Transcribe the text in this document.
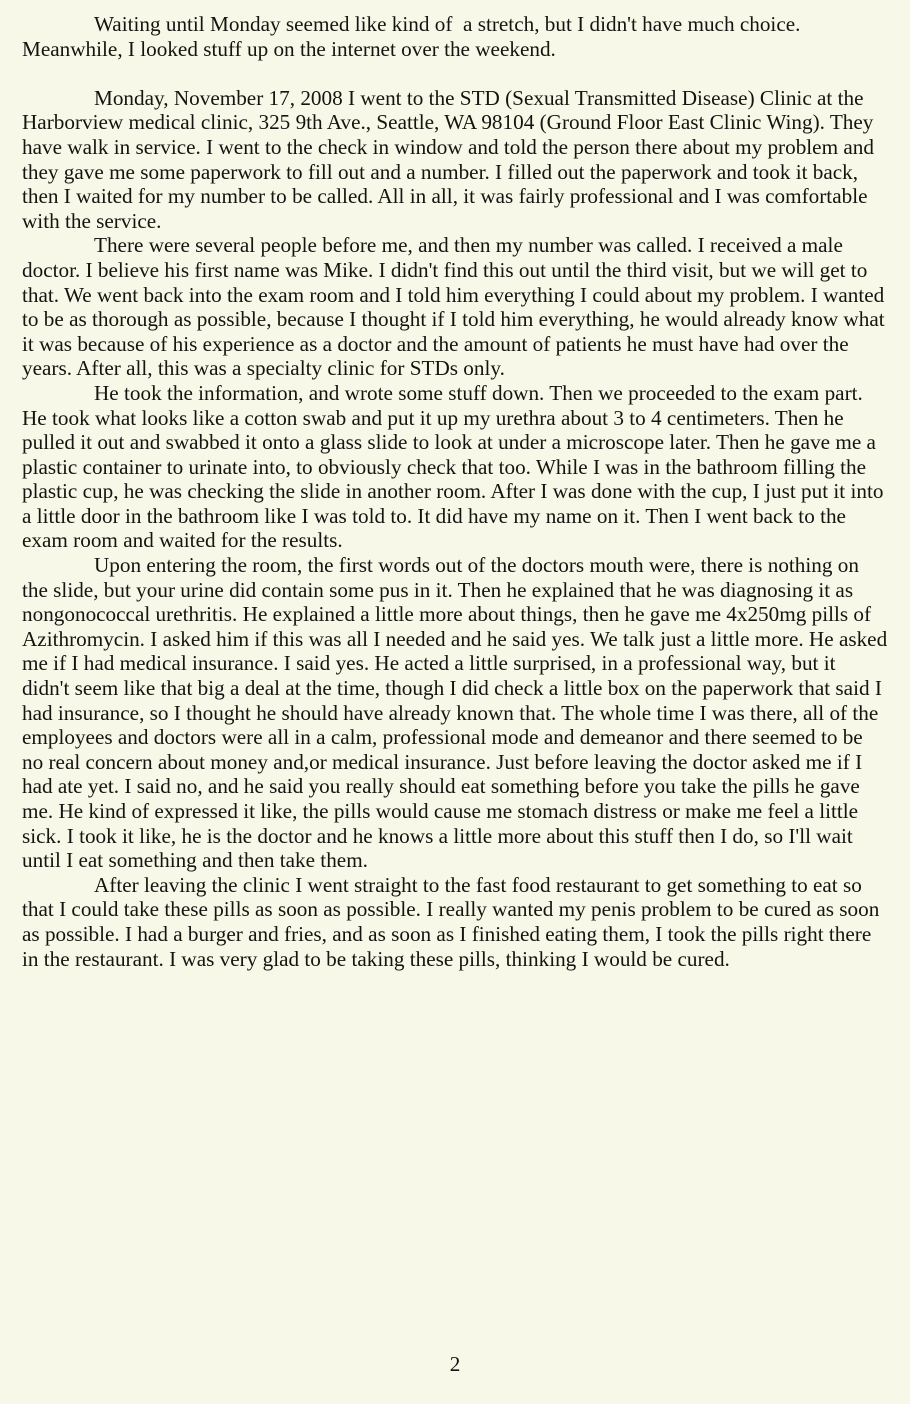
Waiting until Monday seemed like kind of  a stretch, but I didn't have much choice. Meanwhile, I looked stuff up on the internet over the weekend.

Monday, November 17, 2008 I went to the STD (Sexual Transmitted Disease) Clinic at the Harborview medical clinic, 325 9th Ave., Seattle, WA 98104 (Ground Floor East Clinic Wing). They have walk in service. I went to the check in window and told the person there about my problem and they gave me some paperwork to fill out and a number. I filled out the paperwork and took it back, then I waited for my number to be called. All in all, it was fairly professional and I was comfortable with the service.

There were several people before me, and then my number was called. I received a male doctor. I believe his first name was Mike. I didn't find this out until the third visit, but we will get to that. We went back into the exam room and I told him everything I could about my problem. I wanted to be as thorough as possible, because I thought if I told him everything, he would already know what it was because of his experience as a doctor and the amount of patients he must have had over the years. After all, this was a specialty clinic for STDs only.

He took the information, and wrote some stuff down. Then we proceeded to the exam part. He took what looks like a cotton swab and put it up my urethra about 3 to 4 centimeters. Then he pulled it out and swabbed it onto a glass slide to look at under a microscope later. Then he gave me a plastic container to urinate into, to obviously check that too. While I was in the bathroom filling the plastic cup, he was checking the slide in another room. After I was done with the cup, I just put it into a little door in the bathroom like I was told to. It did have my name on it. Then I went back to the exam room and waited for the results.

Upon entering the room, the first words out of the doctors mouth were, there is nothing on the slide, but your urine did contain some pus in it. Then he explained that he was diagnosing it as nongonococcal urethritis. He explained a little more about things, then he gave me 4x250mg pills of Azithromycin. I asked him if this was all I needed and he said yes. We talk just a little more. He asked me if I had medical insurance. I said yes. He acted a little surprised, in a professional way, but it didn't seem like that big a deal at the time, though I did check a little box on the paperwork that said I had insurance, so I thought he should have already known that. The whole time I was there, all of the employees and doctors were all in a calm, professional mode and demeanor and there seemed to be no real concern about money and,or medical insurance. Just before leaving the doctor asked me if I had ate yet. I said no, and he said you really should eat something before you take the pills he gave me. He kind of expressed it like, the pills would cause me stomach distress or make me feel a little sick. I took it like, he is the doctor and he knows a little more about this stuff then I do, so I'll wait until I eat something and then take them.

After leaving the clinic I went straight to the fast food restaurant to get something to eat so that I could take these pills as soon as possible. I really wanted my penis problem to be cured as soon as possible. I had a burger and fries, and as soon as I finished eating them, I took the pills right there in the restaurant. I was very glad to be taking these pills, thinking I would be cured.

2
